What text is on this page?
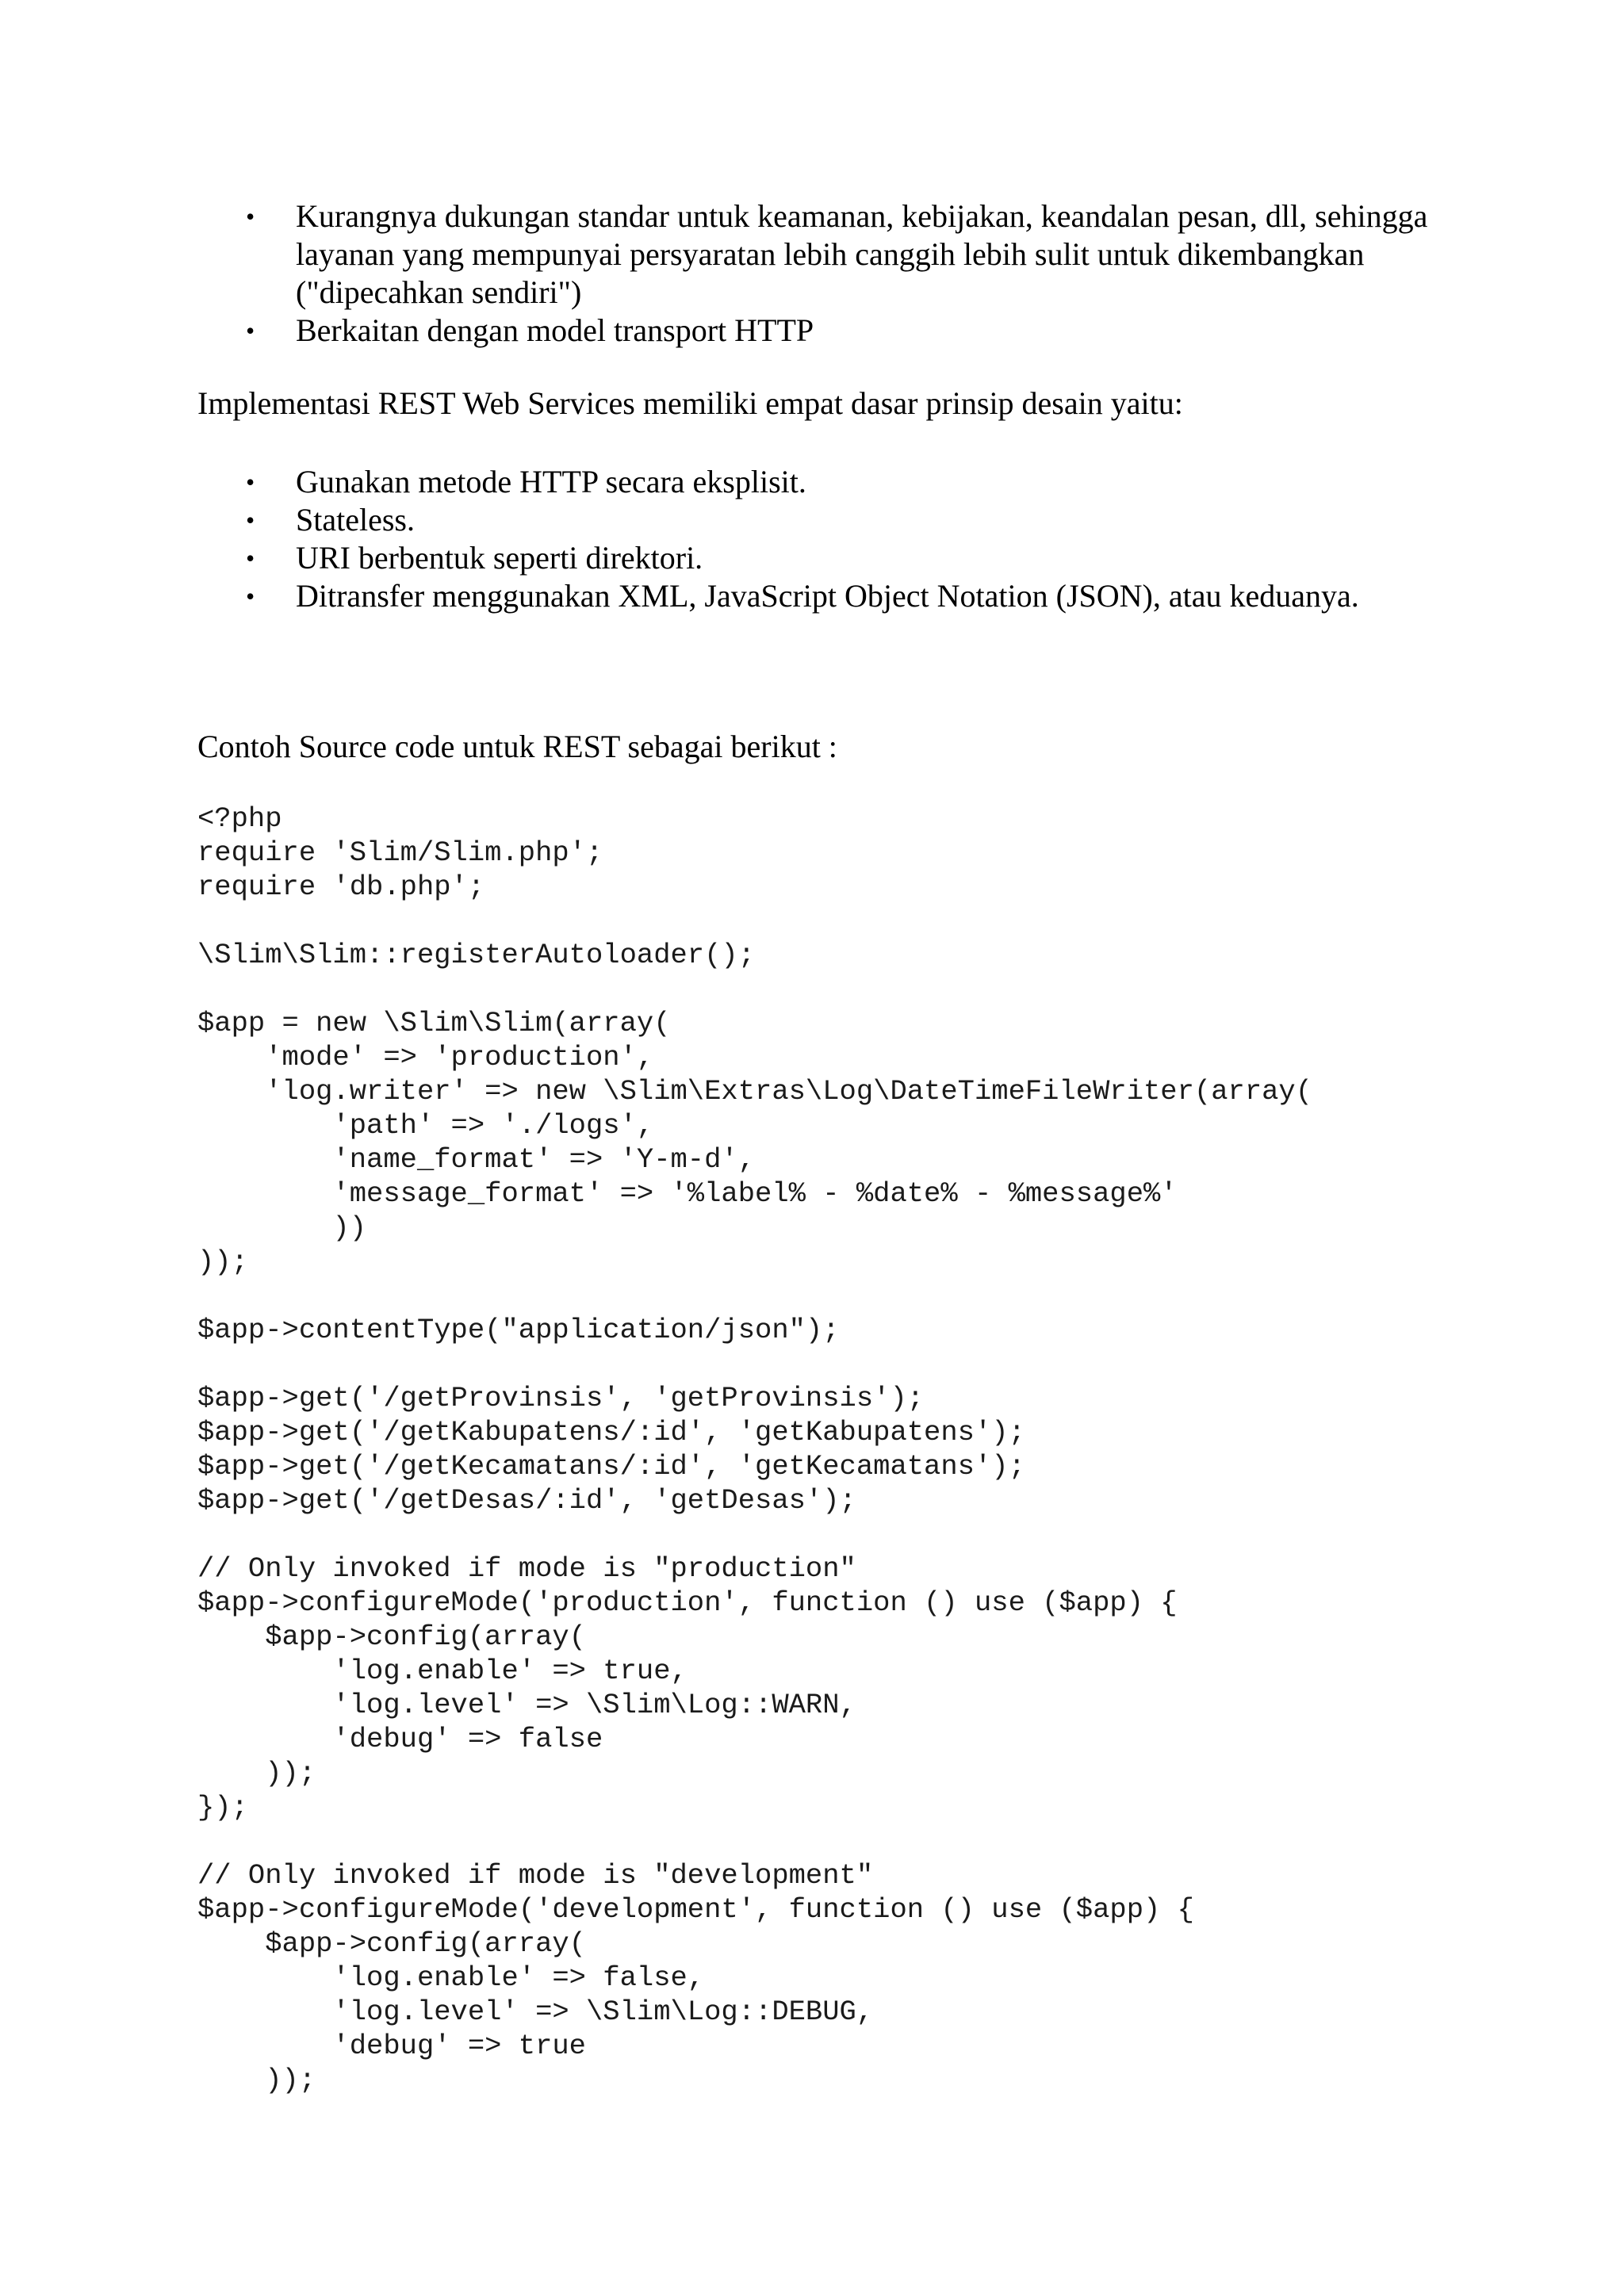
• Kurangnya dukungan standar untuk keamanan, kebijakan, keandalan pesan, dll, sehingga layanan yang mempunyai persyaratan lebih canggih lebih sulit untuk dikembangkan ("dipecahkan sendiri")
• Berkaitan dengan model transport HTTP

Implementasi REST Web Services memiliki empat dasar prinsip desain yaitu:

• Gunakan metode HTTP secara eksplisit.
• Stateless.
• URI berbentuk seperti direktori.
• Ditransfer menggunakan XML, JavaScript Object Notation (JSON), atau keduanya.

Contoh Source code untuk REST sebagai berikut :

<?php
require 'Slim/Slim.php';
require 'db.php';
\Slim\Slim::registerAutoloader();
$app = new \Slim\Slim(array(
'mode' => 'production',
'log.writer' => new \Slim\Extras\Log\DateTimeFileWriter(array(
'path' => './logs',
'name_format' => 'Y-m-d',
'message_format' => '%label% - %date% - %message%'
))
));
$app->contentType("application/json");
$app->get('/getProvinsis', 'getProvinsis');
$app->get('/getKabupatens/:id', 'getKabupatens');
$app->get('/getKecamatans/:id', 'getKecamatans');
$app->get('/getDesas/:id', 'getDesas');
// Only invoked if mode is "production"
$app->configureMode('production', function () use ($app) {
$app->config(array(
'log.enable' => true,
'log.level' => \Slim\Log::WARN,
'debug' => false
));
});
// Only invoked if mode is "development"
$app->configureMode('development', function () use ($app) {
$app->config(array(
'log.enable' => false,
'log.level' => \Slim\Log::DEBUG,
'debug' => true
));
